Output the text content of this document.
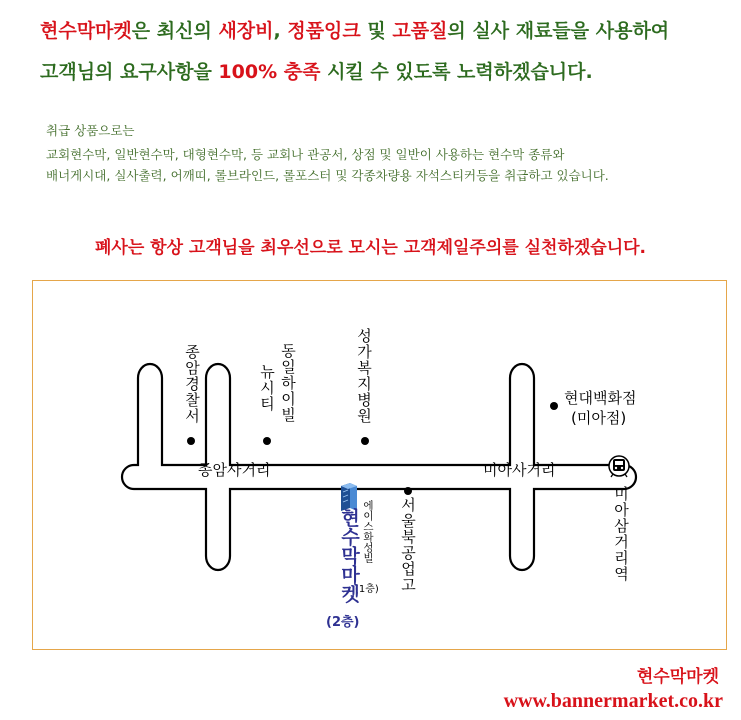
현수막마켓은 최신의 새장비, 정품잉크 및 고품질의 실사 재료들을 사용하여
고객님의 요구사항을 100% 충족 시킬 수 있도록 노력하겠습니다.
취급 상품으로는
교회현수막, 일반현수막, 대형현수막, 등 교회나 관공서, 상점 및 일반이 사용하는 현수막 종류와
배너게시대, 실사출력, 어깨띠, 롤브라인드, 롤포스터 및 각종차량용 자석스티커등을 취급하고 있습니다.
폐사는 항상 고객님을 최우선으로 모시는 고객제일주의를 실천하겠습니다.
종암경찰서	동일하이빌
뉴시티	성가복지병원	현대백화점
(미아점)
종암사거리	미아사거리
서울북공업고	미아삼거리역
에이스화성빌
(1층)
현수막마켓
(2층)
현수막마켓
www.bannermarket.co.kr
